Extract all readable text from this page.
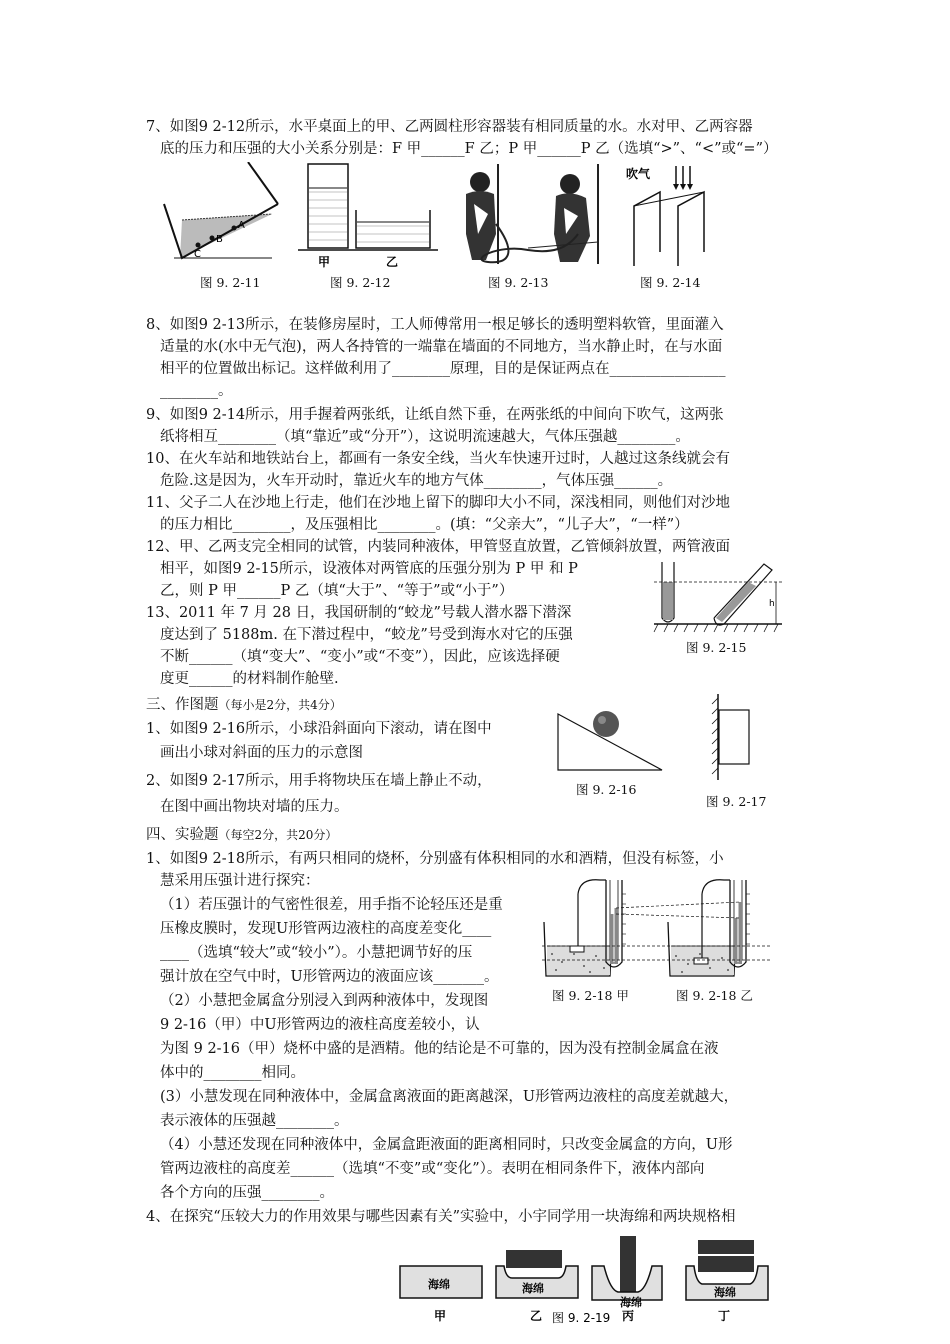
7、如图9 2-12所示，水平桌面上的甲、乙两圆柱形容器装有相同质量的水。水对甲、乙两容器
底的压力和压强的大小关系分别是：F 甲______F 乙；P 甲______P 乙（选填“>”、“<”或“=”）
A
B
C
图 9. 2-11
甲	乙
图 9. 2-12	图 9. 2-13
吹气
图 9. 2-14
8、如图9 2-13所示，在装修房屋时，工人师傅常用一根足够长的透明塑料软管，里面灌入
适量的水(水中无气泡)，两人各持管的一端靠在墙面的不同地方，当水静止时，在与水面
相平的位置做出标记。这样做利用了________原理，目的是保证两点在________________
________。
9、如图9 2-14所示，用手握着两张纸，让纸自然下垂，在两张纸的中间向下吹气，这两张
纸将相互________（填“靠近”或“分开”），这说明流速越大，气体压强越________。
10、在火车站和地铁站台上，都画有一条安全线，当火车快速开过时，人越过这条线就会有
危险.这是因为，火车开动时，靠近火车的地方气体________，气体压强______。
11、父子二人在沙地上行走，他们在沙地上留下的脚印大小不同，深浅相同，则他们对沙地
的压力相比________，及压强相比________。(填：“父亲大”，“儿子大”，“一样”）
12、甲、乙两支完全相同的试管，内装同种液体，甲管竖直放置，乙管倾斜放置，两管液面
相平，如图9 2-15所示，设液体对两管底的压强分别为 P 甲 和 P
乙，则 P 甲______P 乙（填“大于”、“等于”或“小于”）
13、2011 年 7 月 28 日，我国研制的“蛟龙”号载人潜水器下潜深
度达到了 5188m. 在下潜过程中，“蛟龙”号受到海水对它的压强
不断______（填“变大”、“变小”或“不变”），因此，应该选择硬
度更______的材料制作舱壁.
h
图 9. 2-15
三、作图题（每小是2分，共4分）
1、如图9 2-16所示，小球沿斜面向下滚动，请在图中
画出小球对斜面的压力的示意图
2、如图9 2-17所示，用手将物块压在墙上静止不动，
在图中画出物块对墙的压力。
图 9. 2-16
图 9. 2-17
四、实验题（每空2分，共20分）
1、如图9 2-18所示，有两只相同的烧杯，分别盛有体积相同的水和酒精，但没有标签，小
慧采用压强计进行探究：
（1）若压强计的气密性很差，用手指不论轻压还是重
压橡皮膜时，发现U形管两边液柱的高度差变化____
____（选填“较大”或“较小”）。小慧把调节好的压
强计放在空气中时，U形管两边的液面应该_______。
（2）小慧把金属盒分别浸入到两种液体中，发现图
9 2-16（甲）中U形管两边的液柱高度差较小，认
为图 9 2-16（甲）烧杯中盛的是酒精。他的结论是不可靠的，因为没有控制金属盒在液
体中的________相同。
(3）小慧发现在同种液体中，金属盒离液面的距离越深，U形管两边液柱的高度差就越大，
表示液体的压强越________。
（4）小慧还发现在同种液体中，金属盒距液面的距离相同时，只改变金属盒的方向，U形
管两边液柱的高度差______（选填“不变”或“变化”）。表明在相同条件下，液体内部向
各个方向的压强________。
4、在探究“压较大力的作用效果与哪些因素有关”实验中，小宇同学用一块海绵和两块规格相
图 9. 2-18 甲	图 9. 2-18 乙
海绵	海绵
海绵
海绵
甲	乙	丙	丁
图 9. 2-19
